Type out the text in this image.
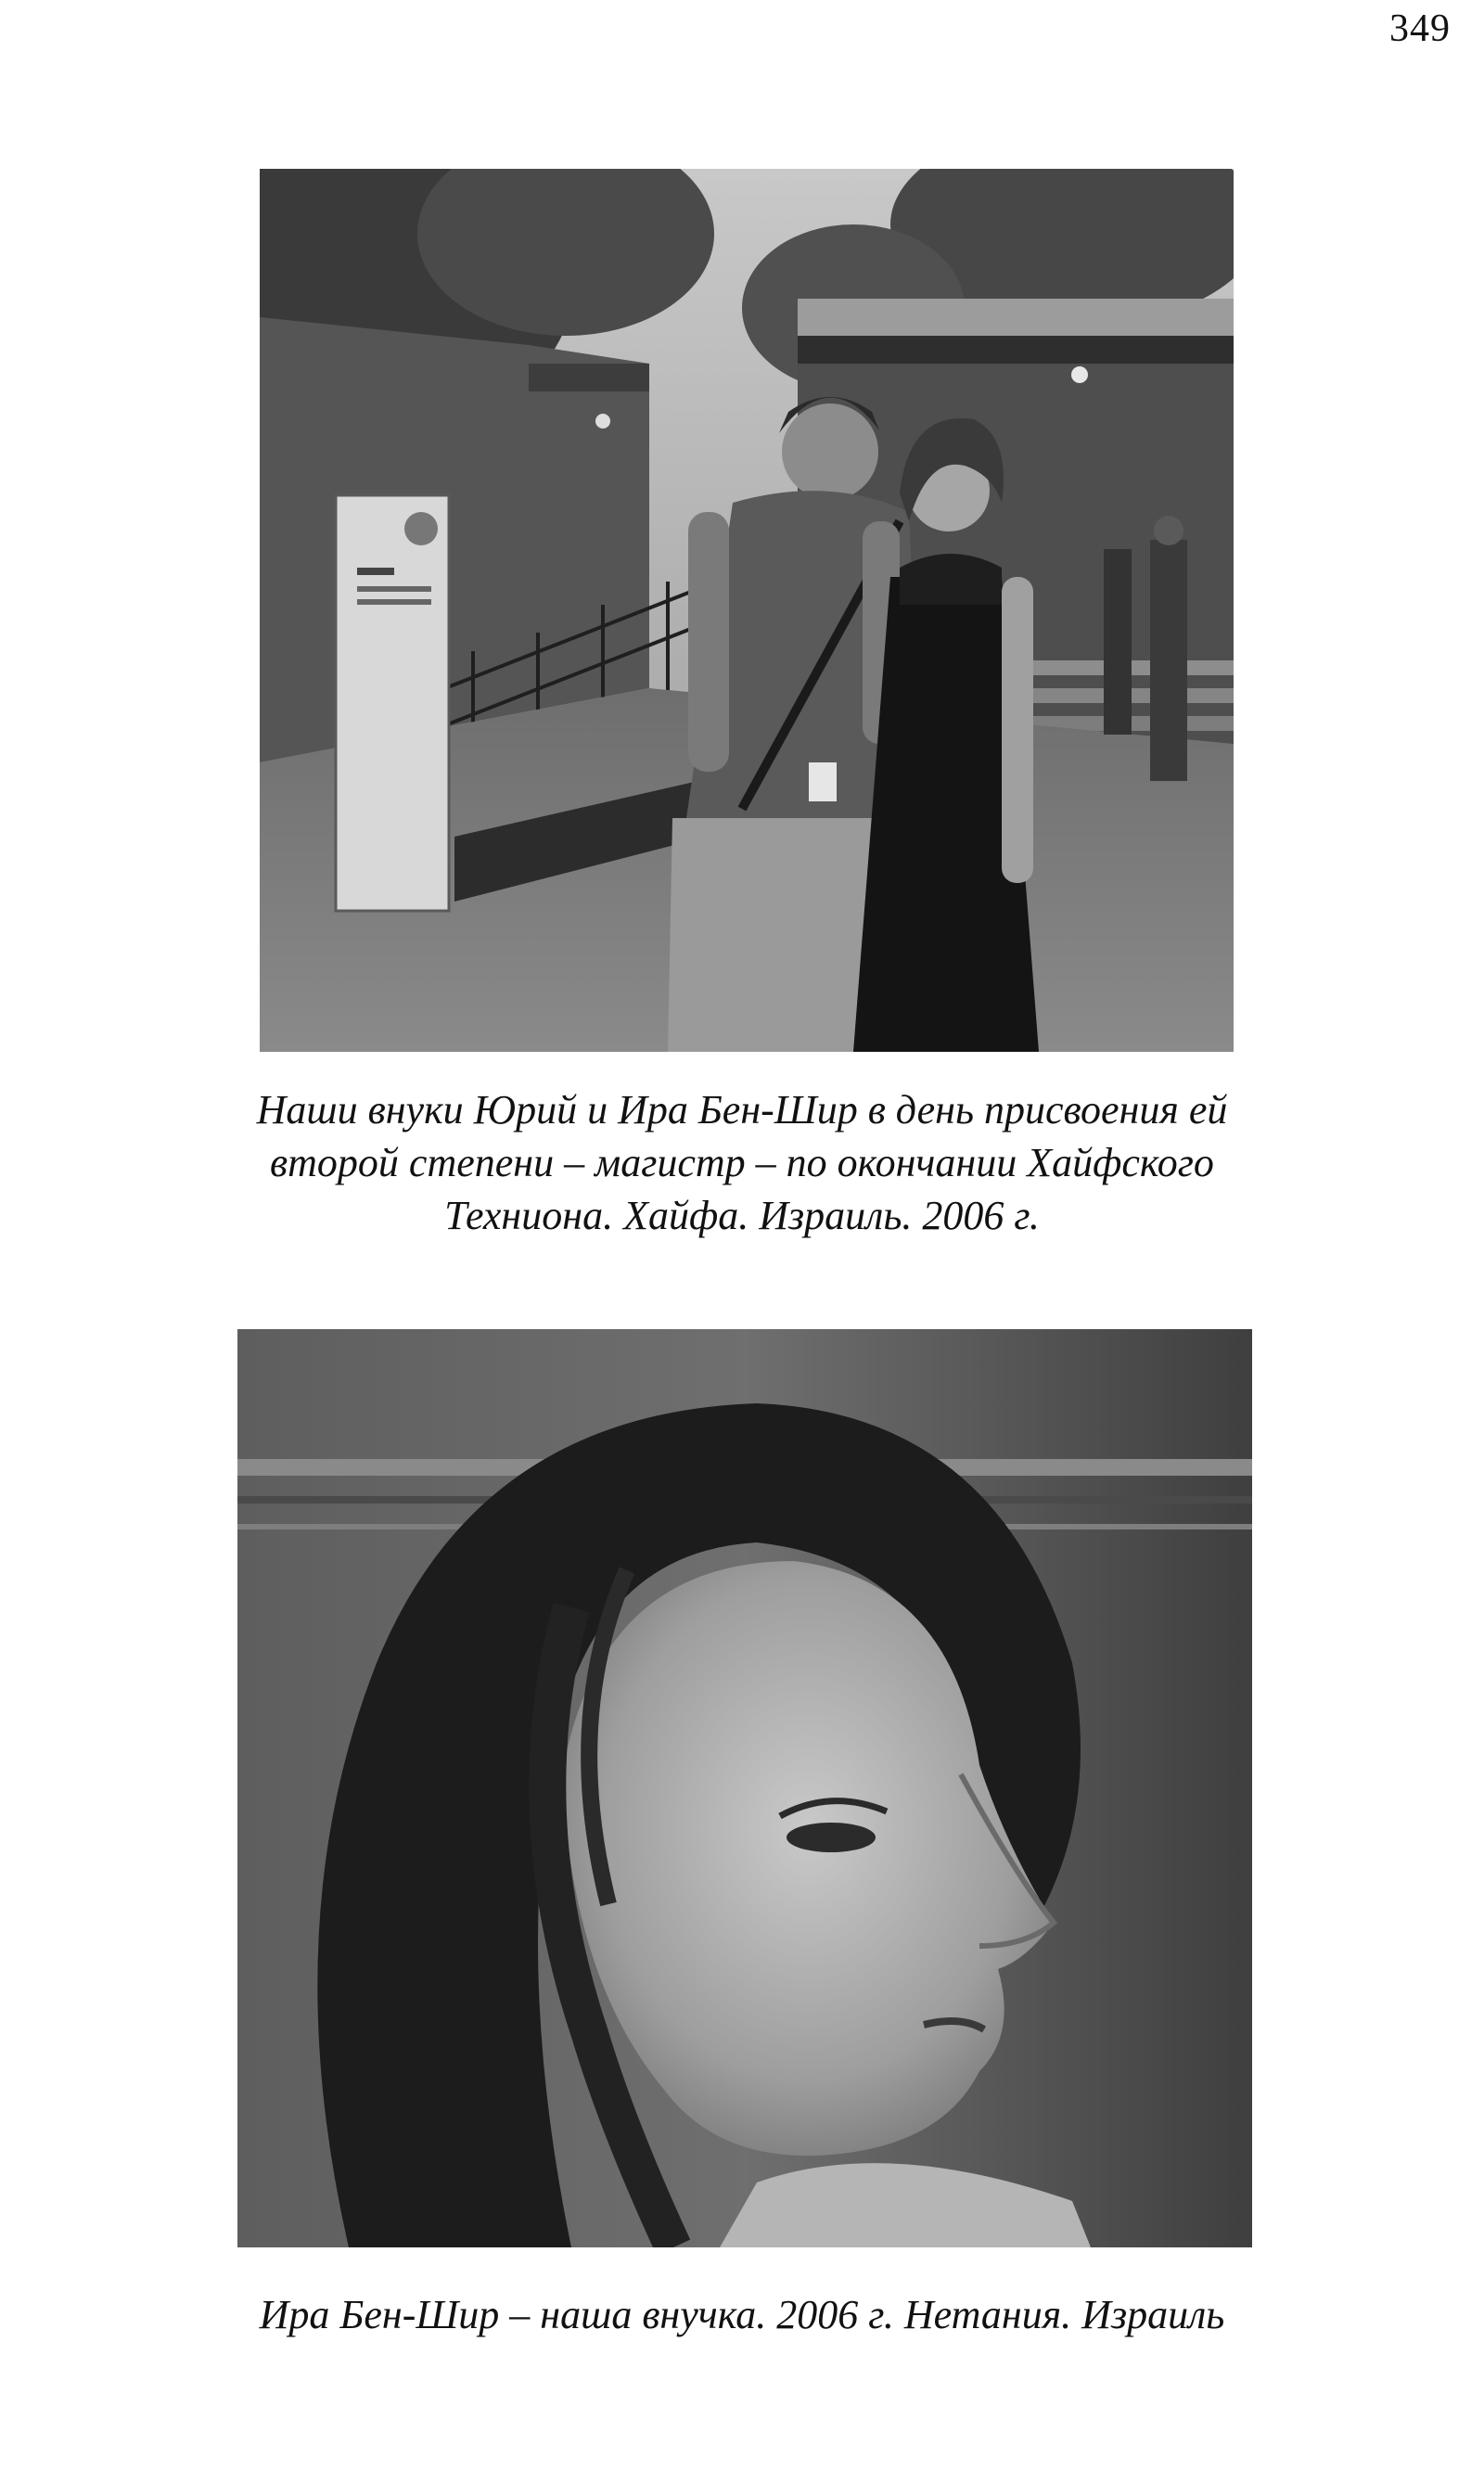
349
Наши внуки Юрий и Ира Бен-Шир в день присвоения ей
второй степени – магистр – по окончании Хайфского
Техниона. Хайфа. Израиль. 2006 г.
Ира Бен-Шир – наша внучка. 2006 г. Нетания. Израиль
